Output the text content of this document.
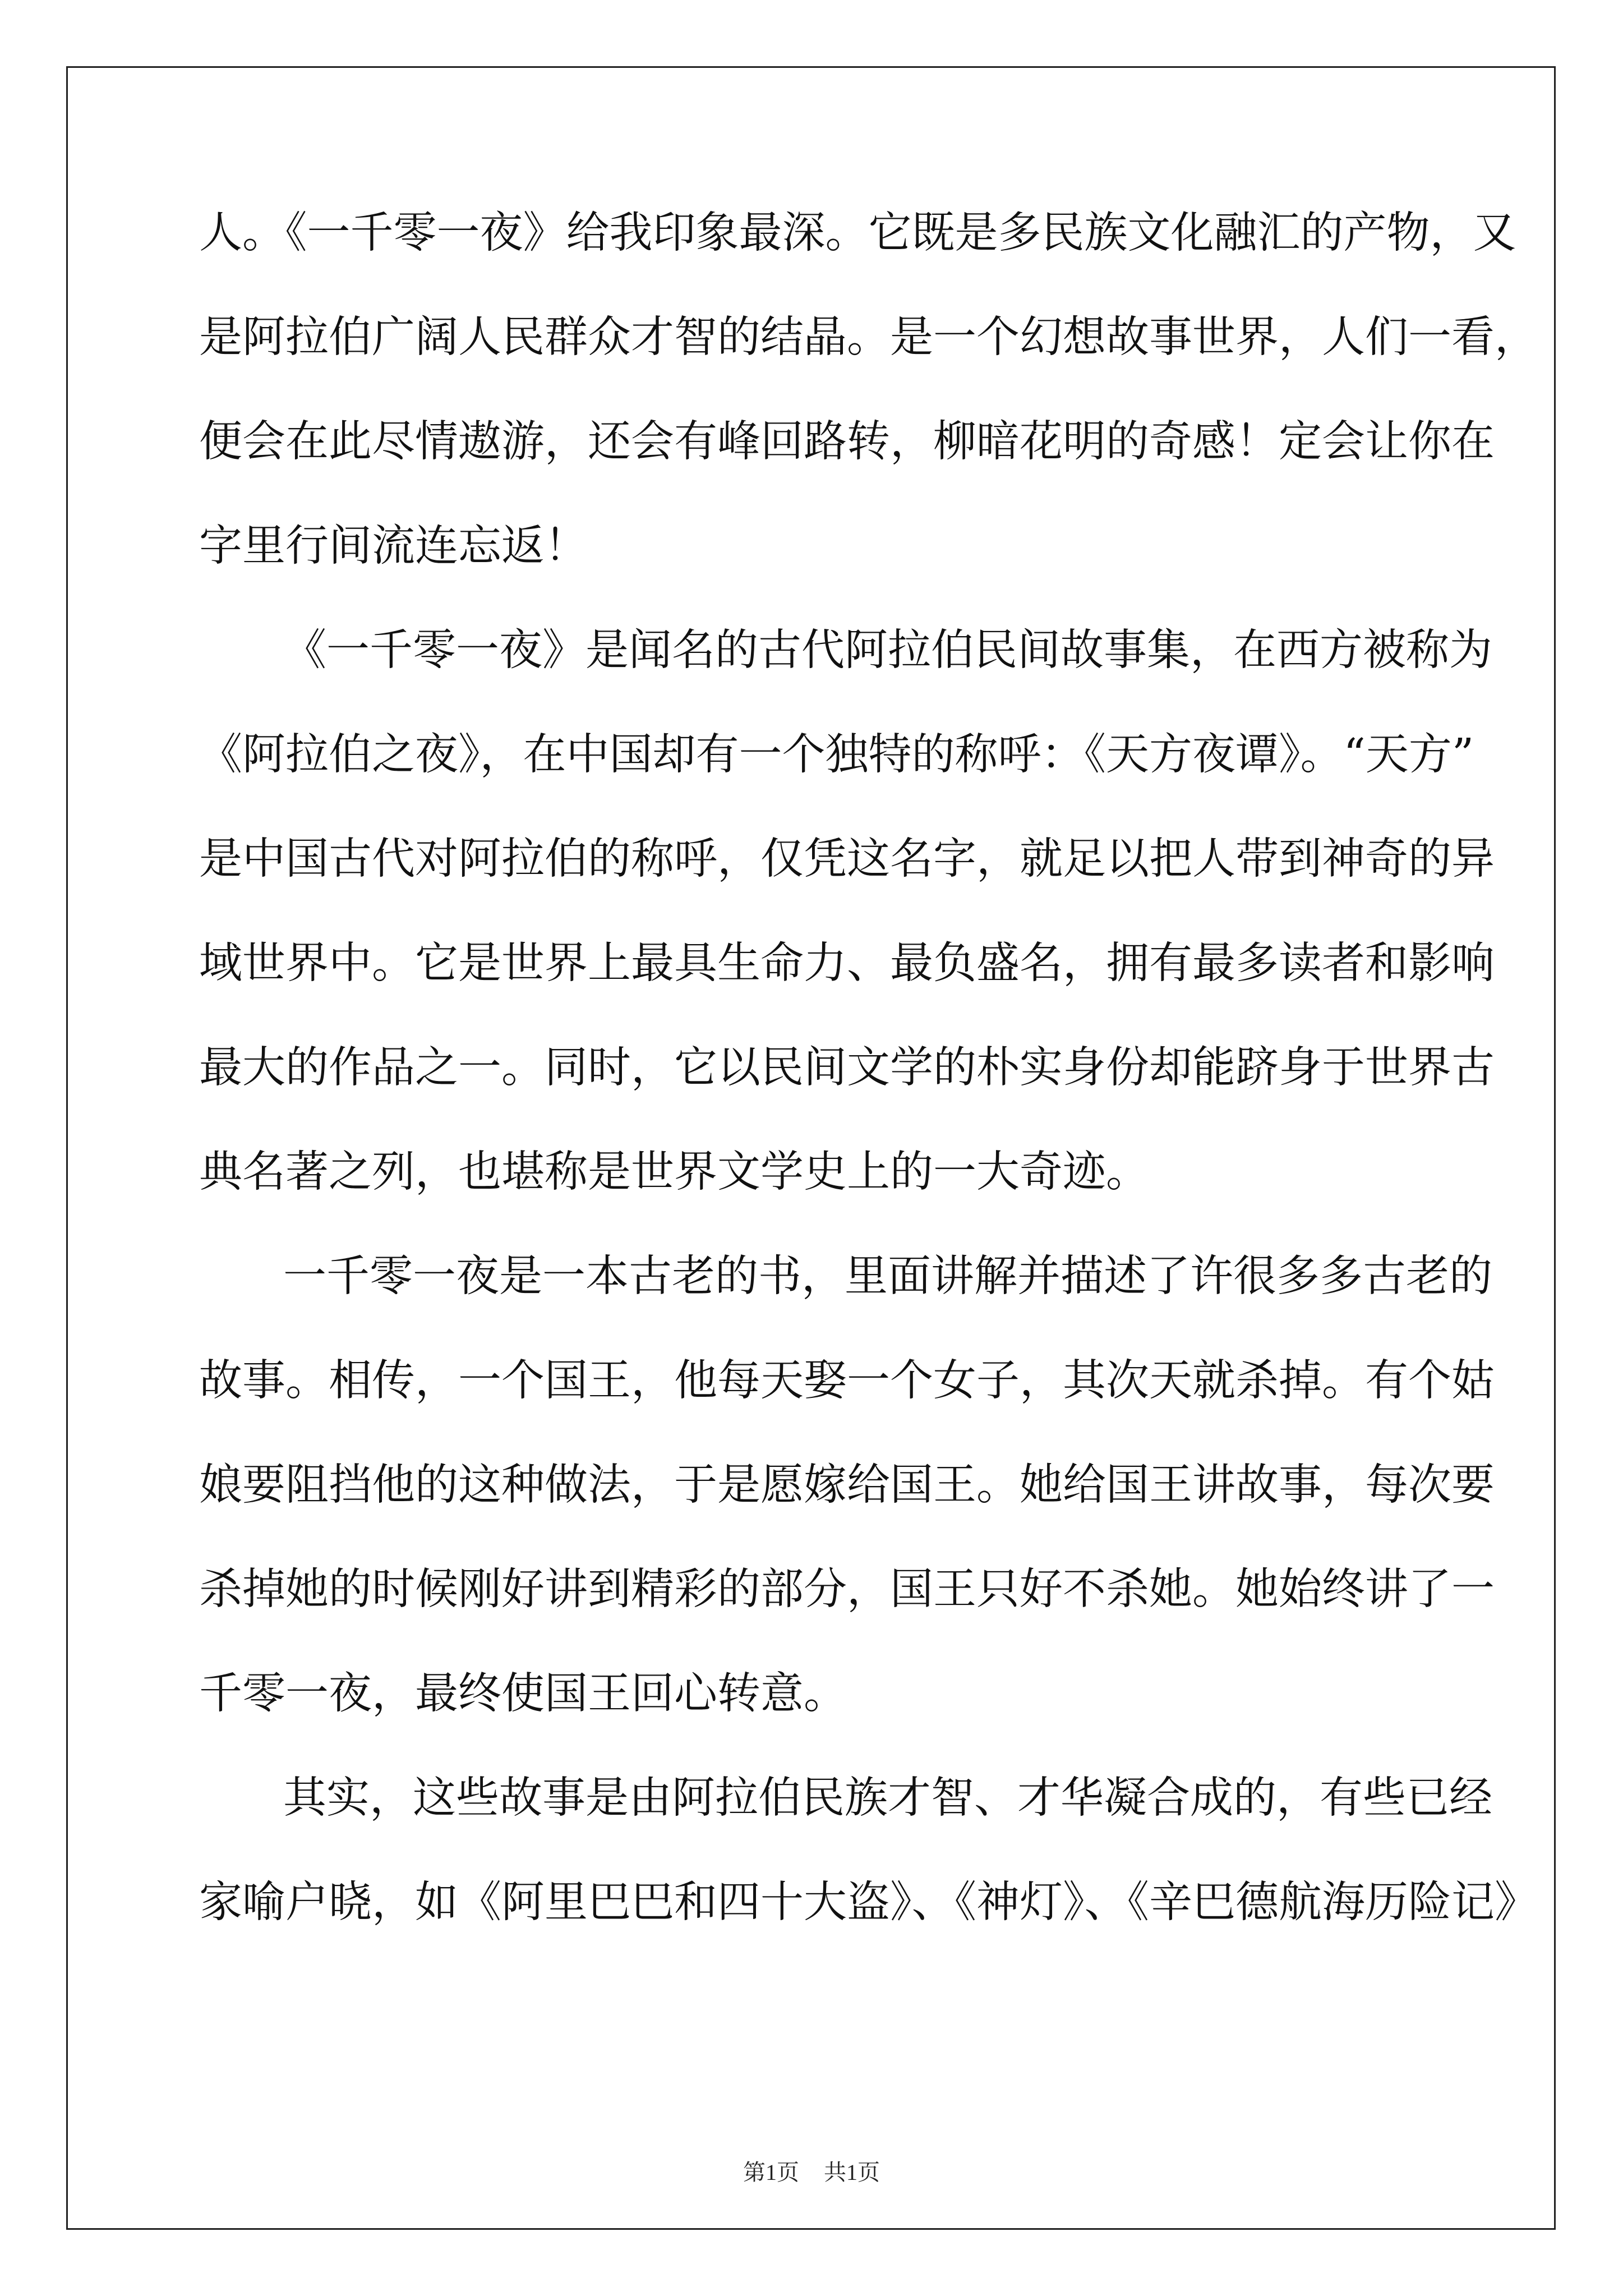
人。《一千零一夜》给我印象最深。它既是多民族文化融汇的产物，又
是阿拉伯广阔人民群众才智的结晶。是一个幻想故事世界，人们一看，
便会在此尽情遨游，还会有峰回路转，柳暗花明的奇感！定会让你在
字里行间流连忘返！
《一千零一夜》是闻名的古代阿拉伯民间故事集，在西方被称为
《阿拉伯之夜》，在中国却有一个独特的称呼：《天方夜谭》。“天方”
是中国古代对阿拉伯的称呼，仅凭这名字，就足以把人带到神奇的异
域世界中。它是世界上最具生命力、最负盛名，拥有最多读者和影响
最大的作品之一。同时，它以民间文学的朴实身份却能跻身于世界古
典名著之列，也堪称是世界文学史上的一大奇迹。
一千零一夜是一本古老的书，里面讲解并描述了许很多多古老的
故事。相传，一个国王，他每天娶一个女子，其次天就杀掉。有个姑
娘要阻挡他的这种做法，于是愿嫁给国王。她给国王讲故事，每次要
杀掉她的时候刚好讲到精彩的部分，国王只好不杀她。她始终讲了一
千零一夜，最终使国王回心转意。
其实，这些故事是由阿拉伯民族才智、才华凝合成的，有些已经
家喻户晓，如《阿里巴巴和四十大盗》、《神灯》、《辛巴德航海历险记》
第1页 共1页
